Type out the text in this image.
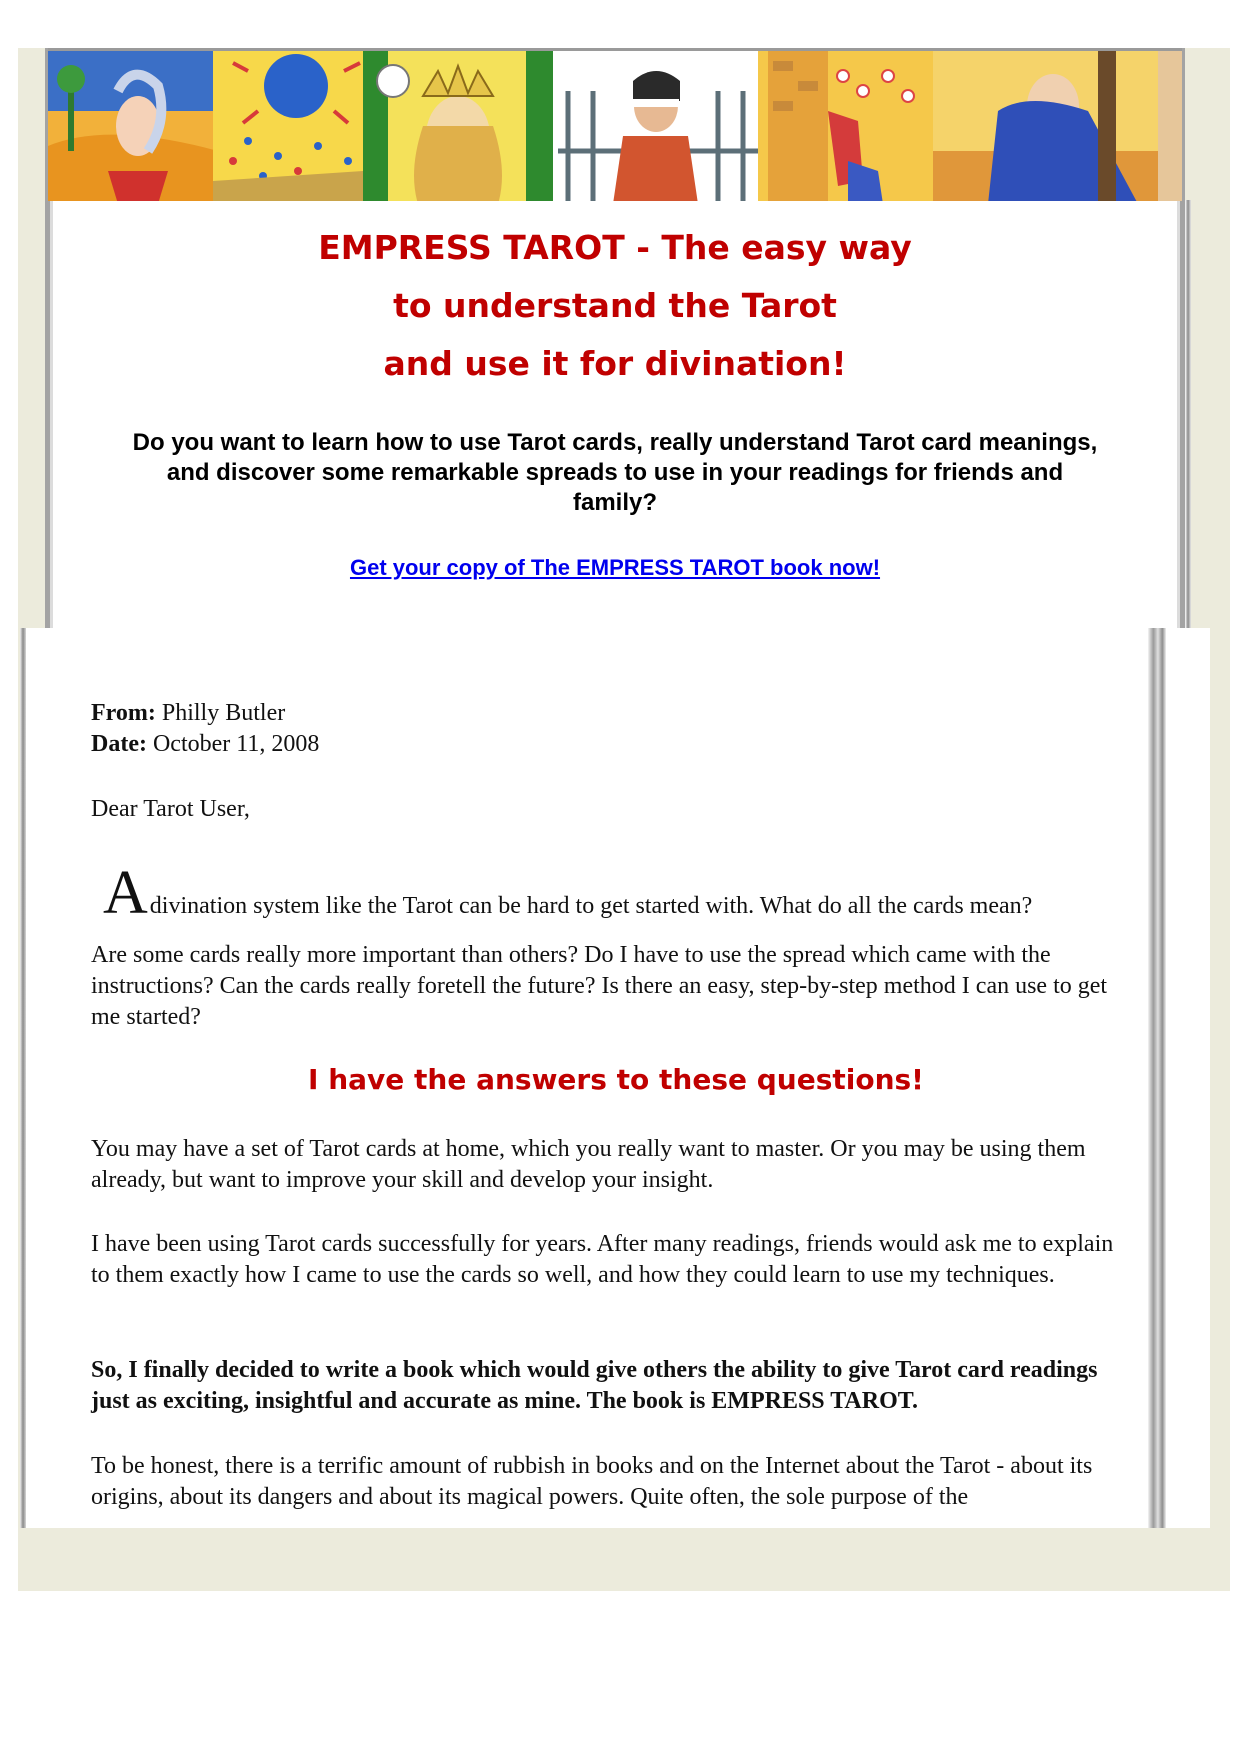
EMPRESS TAROT - The easy way
to understand the Tarot
and use it for divination!

Do you want to learn how to use Tarot cards, really understand Tarot card meanings, and discover some remarkable spreads to use in your readings for friends and family?

Get your copy of The EMPRESS TAROT book now!

From: Philly Butler

Date: October 11, 2008

Dear Tarot User,

Adivination system like the Tarot can be hard to get started with. What do all the cards mean?

Are some cards really more important than others? Do I have to use the spread which came with the instructions? Can the cards really foretell the future? Is there an easy, step-by-step method I can use to get me started?

I have the answers to these questions!

You may have a set of Tarot cards at home, which you really want to master. Or you may be using them already, but want to improve your skill and develop your insight.

I have been using Tarot cards successfully for years. After many readings, friends would ask me to explain to them exactly how I came to use the cards so well, and how they could learn to use my techniques.

So, I finally decided to write a book which would give others the ability to give Tarot card readings just as exciting, insightful and accurate as mine. The book is EMPRESS TAROT.

To be honest, there is a terrific amount of rubbish in books and on the Internet about the Tarot - about its origins, about its dangers and about its magical powers. Quite often, the sole purpose of the
